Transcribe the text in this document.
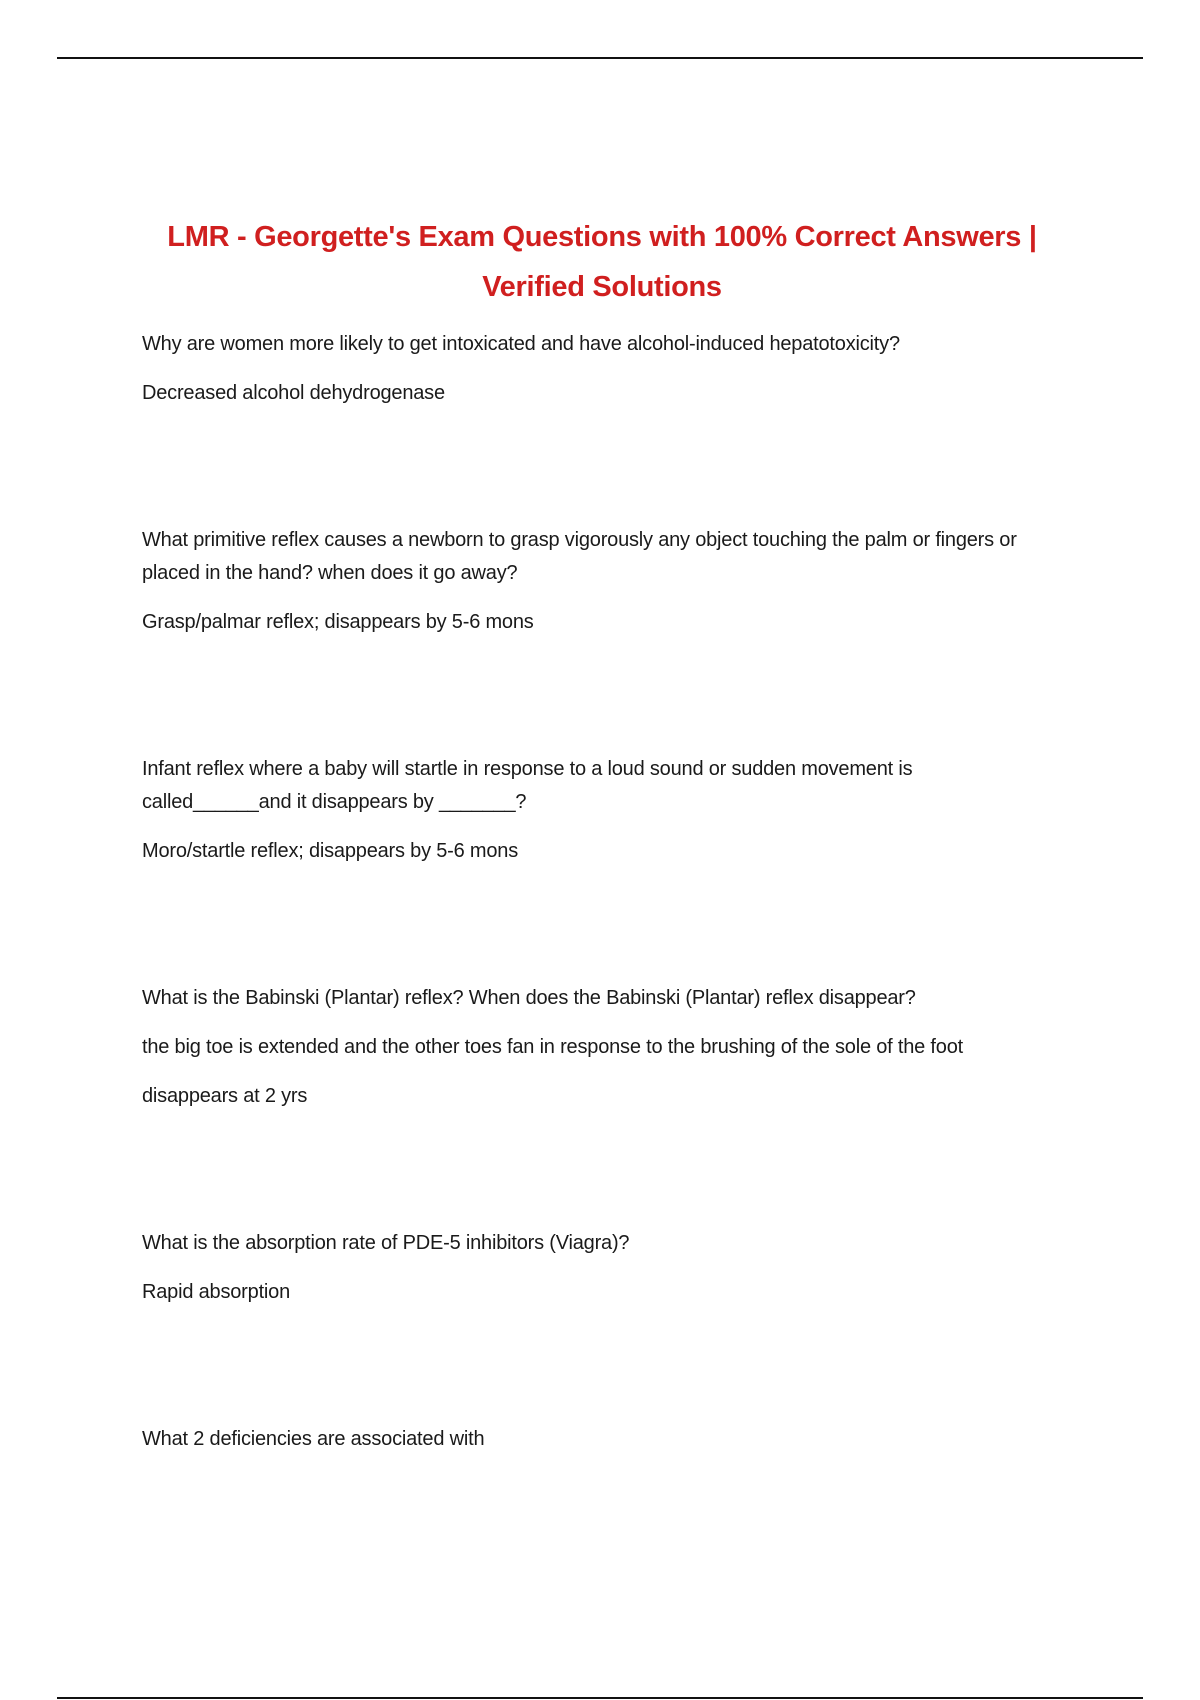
LMR - Georgette's Exam Questions with 100% Correct Answers | Verified Solutions

Why are women more likely to get intoxicated and have alcohol-induced hepatotoxicity?

Decreased alcohol dehydrogenase

What primitive reflex causes a newborn to grasp vigorously any object touching the palm or fingers or placed in the hand? when does it go away?

Grasp/palmar reflex; disappears by 5-6 mons

Infant reflex where a baby will startle in response to a loud sound or sudden movement is called______and it disappears by _______?

Moro/startle reflex; disappears by 5-6 mons

What is the Babinski (Plantar) reflex? When does the Babinski (Plantar) reflex disappear?

the big toe is extended and the other toes fan in response to the brushing of the sole of the foot

disappears at 2 yrs

What is the absorption rate of PDE-5 inhibitors (Viagra)?

Rapid absorption

What 2 deficiencies are associated with
